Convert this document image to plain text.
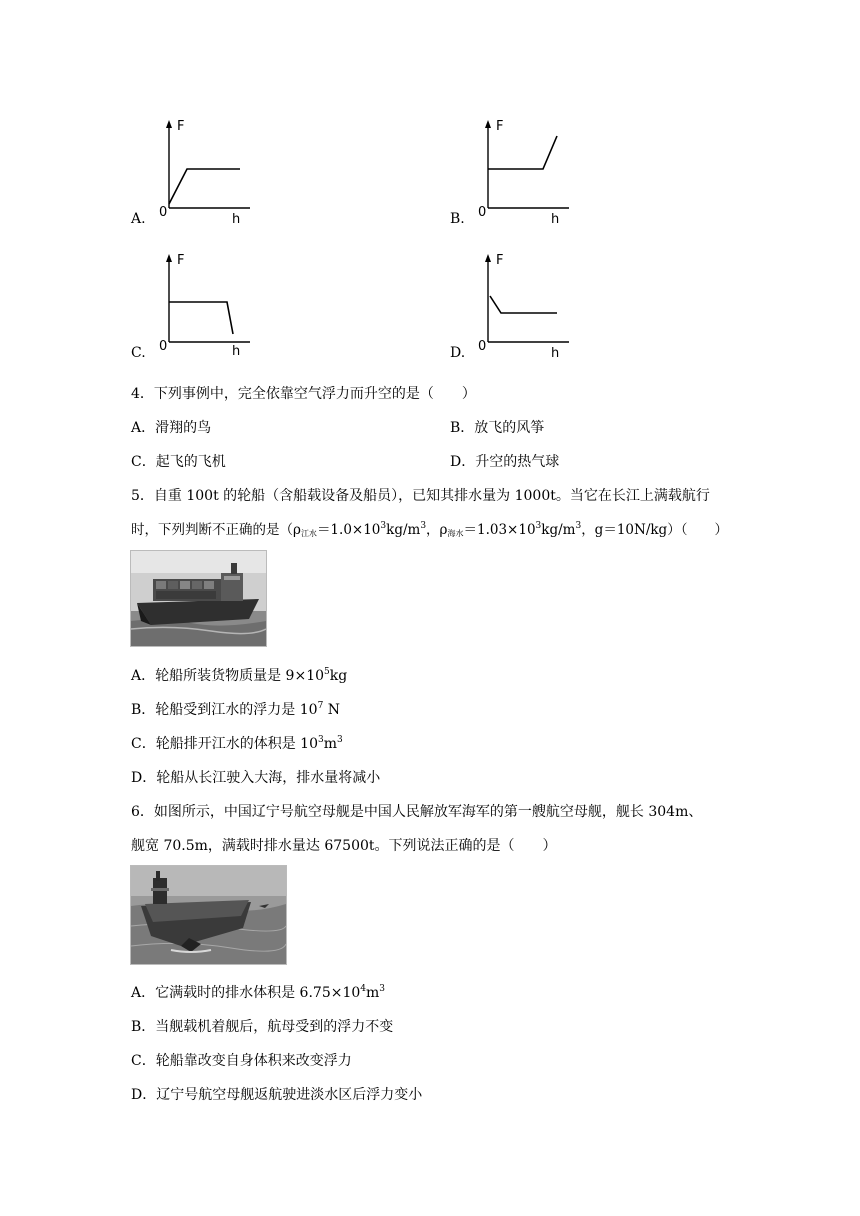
A.
F
0	h	B.
F
0	h
C.
F
0	h	D.
F
0	h
4．下列事例中，完全依靠空气浮力而升空的是（　　）
A．滑翔的鸟	B．放飞的风筝
C．起飞的飞机	D．升空的热气球
5．自重 100t 的轮船（含船载设备及船员），已知其排水量为 1000t。当它在长江上满载航行
时，下列判断不正确的是（$\rho_{江水}=1.0\times 10^3kg/m^3$，$\rho_{海水}=1.03\times 10^3kg/m^3$，g＝10N/kg）（　　）
A．轮船所装货物质量是 $9\times 10^5kg$
B．轮船受到江水的浮力是 $10^7$ N
C．轮船排开江水的体积是 $10^3m^3$
D．轮船从长江驶入大海，排水量将减小
6．如图所示，中国辽宁号航空母舰是中国人民解放军海军的第一艘航空母舰，舰长 304m、
舰宽 70.5m，满载时排水量达 67500t。下列说法正确的是（　　）
A．它满载时的排水体积是 $6.75\times 10^4m^3$
B．当舰载机着舰后，航母受到的浮力不变
C．轮船靠改变自身体积来改变浮力
D．辽宁号航空母舰返航驶进淡水区后浮力变小
